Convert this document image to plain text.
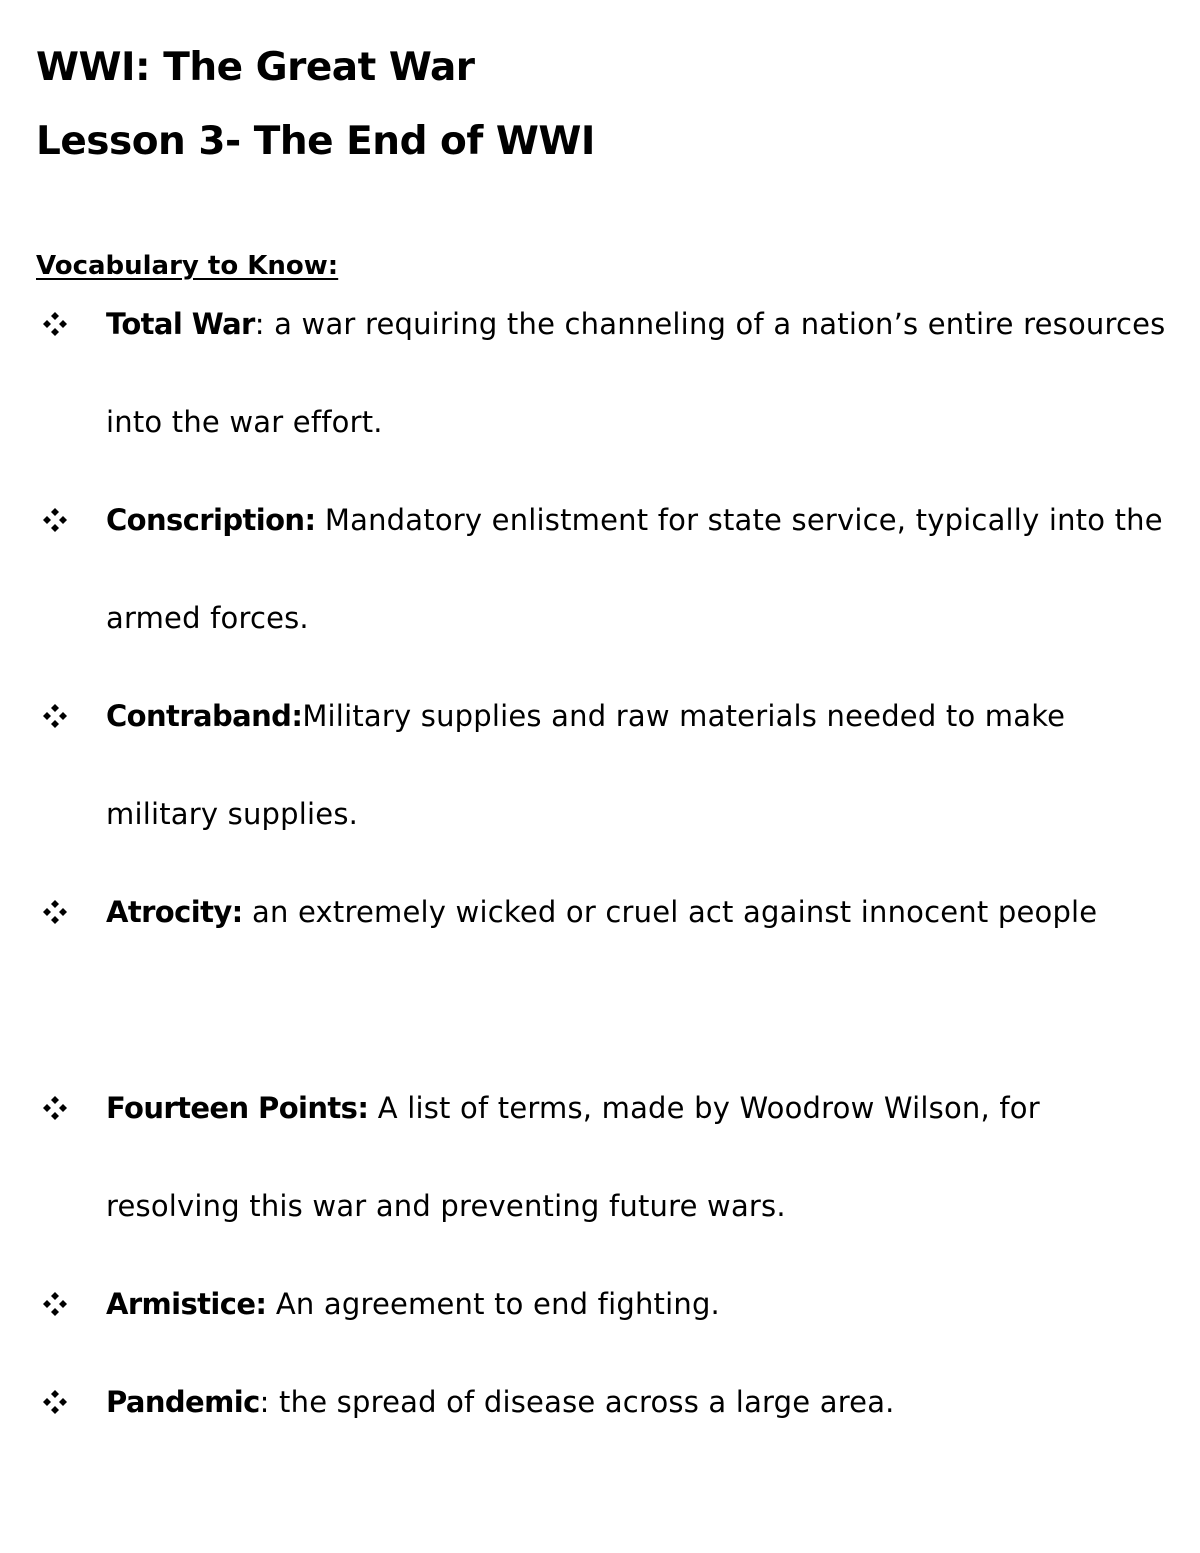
WWI: The Great War
Lesson 3- The End of WWI
Vocabulary to Know:

Total War: a war requiring the channeling of a nation’s entire resources into the war effort.

Conscription: Mandatory enlistment for state service, typically into the armed forces.

Contraband:Military supplies and raw materials needed to make military supplies.

Atrocity: an extremely wicked or cruel act against innocent people

Fourteen Points: A list of terms, made by Woodrow Wilson, for resolving this war and preventing future wars.

Armistice: An agreement to end fighting.

Pandemic: the spread of disease across a large area.
